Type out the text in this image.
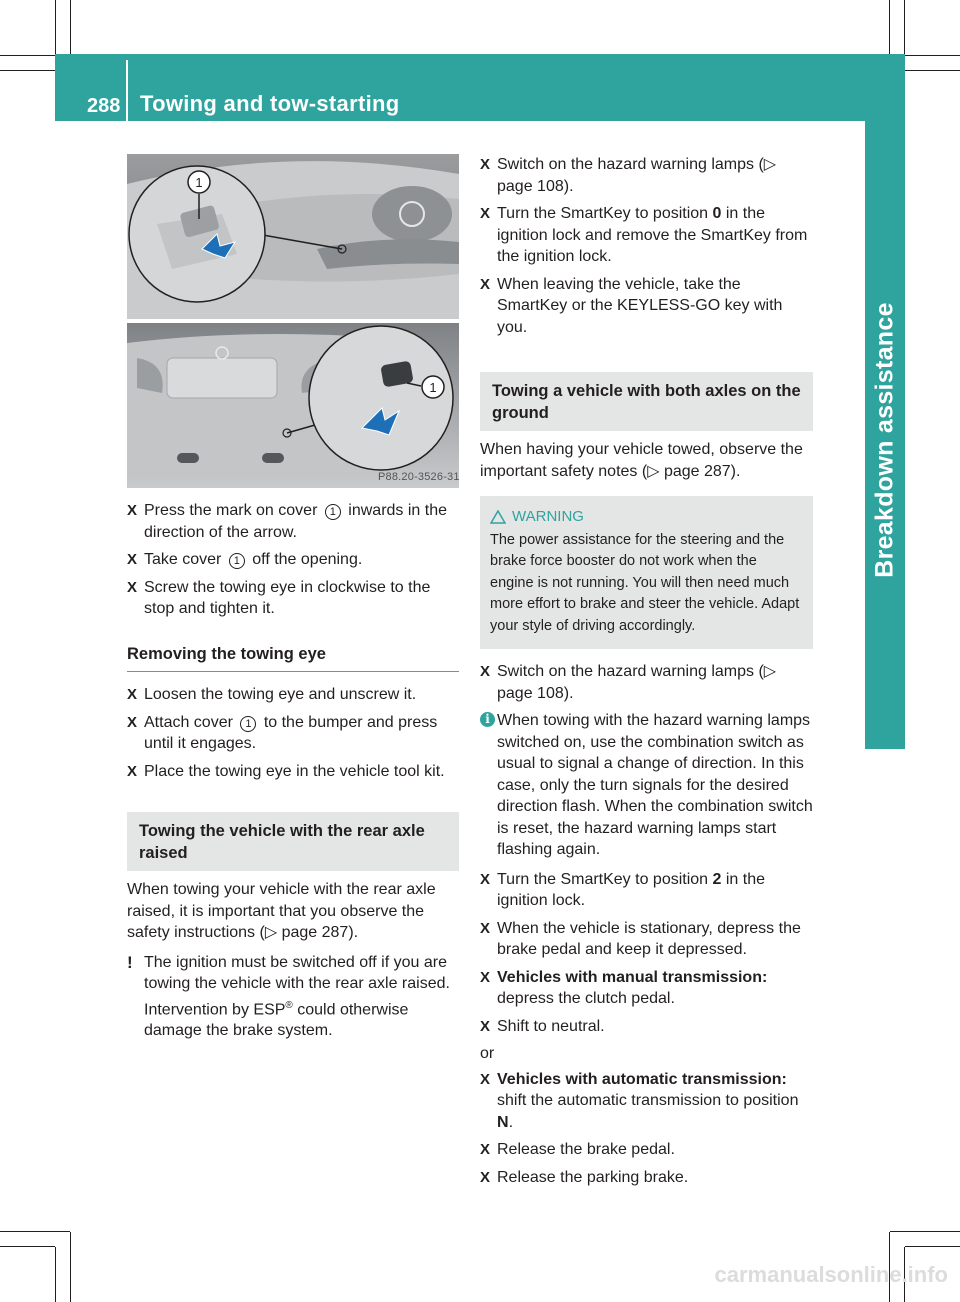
288 Towing and tow-starting
Breakdown assistance
1
1
P88.20-3526-31
X Press the mark on cover 1 inwards in the direction of the arrow.
X Take cover 1 off the opening.
X Screw the towing eye in clockwise to the stop and tighten it.
Removing the towing eye
X Loosen the towing eye and unscrew it.
X Attach cover 1 to the bumper and press until it engages.
X Place the towing eye in the vehicle tool kit.
Towing the vehicle with the rear axle raised
When towing your vehicle with the rear axle raised, it is important that you observe the safety instructions (▷ page 287).
! The ignition must be switched off if you are towing the vehicle with the rear axle raised. Intervention by ESP® could otherwise damage the brake system.
X Switch on the hazard warning lamps (▷ page 108).
X Turn the SmartKey to position 0 in the ignition lock and remove the SmartKey from the ignition lock.
X When leaving the vehicle, take the SmartKey or the KEYLESS-GO key with you.
Towing a vehicle with both axles on the ground
When having your vehicle towed, observe the important safety notes (▷ page 287).
WARNING
The power assistance for the steering and the brake force booster do not work when the engine is not running. You will then need much more effort to brake and steer the vehicle. Adapt your style of driving accordingly.
X Switch on the hazard warning lamps (▷ page 108).
i When towing with the hazard warning lamps switched on, use the combination switch as usual to signal a change of direction. In this case, only the turn signals for the desired direction flash. When the combination switch is reset, the hazard warning lamps start flashing again.
X Turn the SmartKey to position 2 in the ignition lock.
X When the vehicle is stationary, depress the brake pedal and keep it depressed.
X Vehicles with manual transmission:
depress the clutch pedal.
X Shift to neutral.
or
X Vehicles with automatic transmission:
shift the automatic transmission to position N.
X Release the brake pedal.
X Release the parking brake.
carmanualsonline.info
